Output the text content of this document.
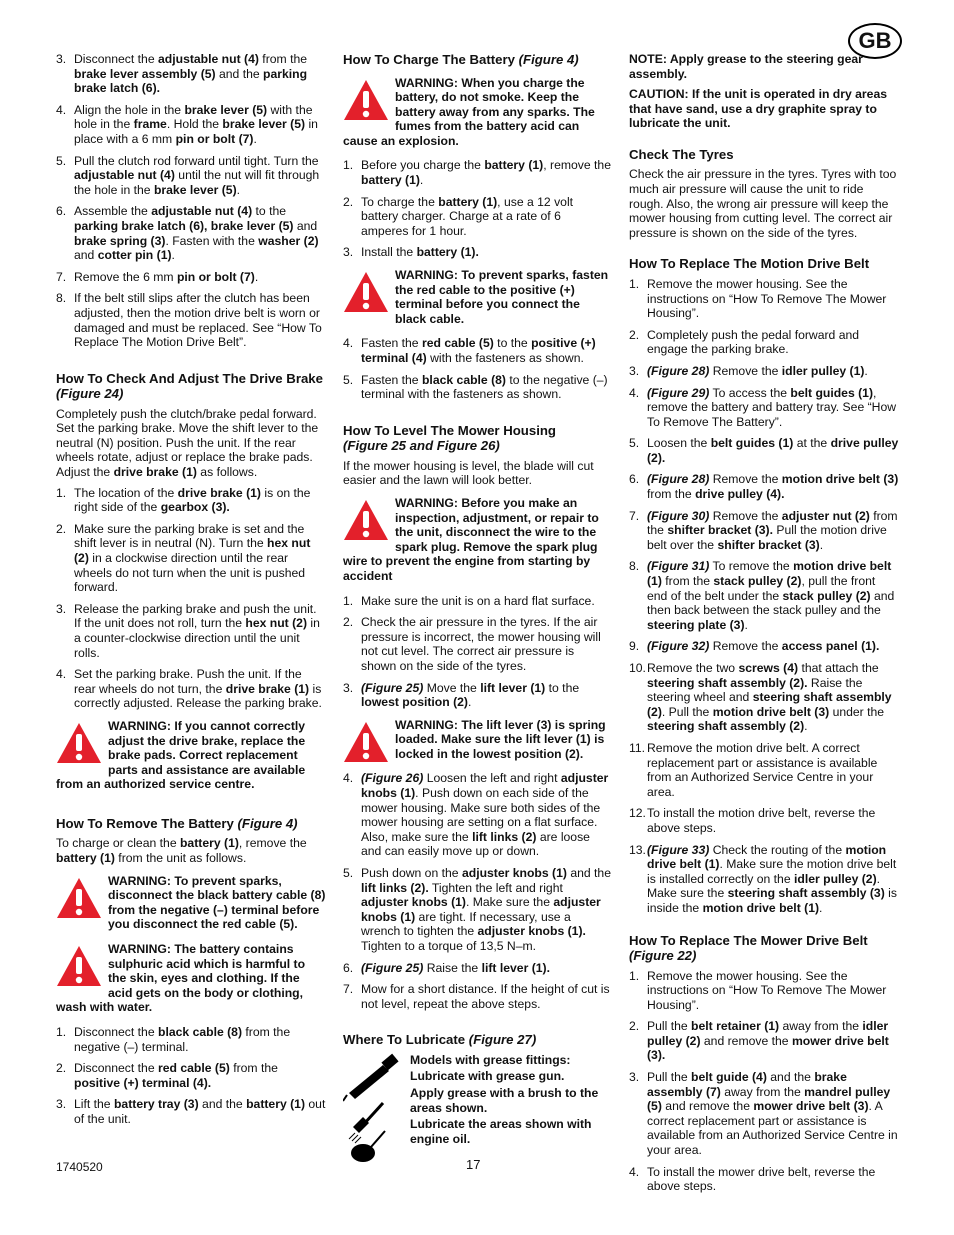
GB
3. Disconnect the adjustable nut (4) from the brake lever assembly (5) and the parking brake latch (6).
4. Align the hole in the brake lever (5) with the hole in the frame. Hold the brake lever (5) in place with a 6 mm pin or bolt (7).
5. Pull the clutch rod forward until tight. Turn the adjustable nut (4) until the nut will fit through the hole in the brake lever (5).
6. Assemble the adjustable nut (4) to the parking brake latch (6), brake lever (5) and brake spring (3). Fasten with the washer (2) and cotter pin (1).
7. Remove the 6 mm pin or bolt (7).
8. If the belt still slips after the clutch has been adjusted, then the motion drive belt is worn or damaged and must be replaced. See “How To Replace The Motion Drive Belt”.
How To Check And Adjust The Drive Brake (Figure 24)

Completely push the clutch/brake pedal forward. Set the parking brake. Move the shift lever to the neutral (N) position. Push the unit. If the rear wheels rotate, adjust or replace the brake pads. Adjust the drive brake (1) as follows.

1. The location of the drive brake (1) is on the right side of the gearbox (3).
2. Make sure the parking brake is set and the shift lever is in neutral (N). Turn the hex nut (2) in a clockwise direction until the rear wheels do not turn when the unit is pushed forward.
3. Release the parking brake and push the unit. If the unit does not roll, turn the hex nut (2) in a counter-clockwise direction until the unit rolls.
4. Set the parking brake. Push the unit. If the rear wheels do not turn, the drive brake (1) is correctly adjusted. Release the parking brake.
WARNING: If you cannot correctly adjust the drive brake, replace the brake pads. Correct replacement parts and assistance are available from an authorized service centre.
How To Remove The Battery (Figure 4)

To charge or clean the battery (1), remove the battery (1) from the unit as follows.

WARNING: To prevent sparks, disconnect the black battery cable (8) from the negative (–) terminal before you disconnect the red cable (5).
WARNING: The battery contains sulphuric acid which is harmful to the skin, eyes and clothing. If the acid gets on the body or clothing, wash with water.
1. Disconnect the black cable (8) from the negative (–) terminal.
2. Disconnect the red cable (5) from the positive (+) terminal (4).
3. Lift the battery tray (3) and the battery (1) out of the unit.
How To Charge The Battery (Figure 4)
WARNING: When you charge the battery, do not smoke. Keep the battery away from any sparks. The fumes from the battery acid can cause an explosion.
1. Before you charge the battery (1), remove the battery (1).
2. To charge the battery (1), use a 12 volt battery charger. Charge at a rate of 6 amperes for 1 hour.
3. Install the battery (1).
WARNING: To prevent sparks, fasten the red cable to the positive (+) terminal before you connect the black cable.
4. Fasten the red cable (5) to the positive (+) terminal (4) with the fasteners as shown.
5. Fasten the black cable (8) to the negative (–) terminal with the fasteners as shown.
How To Level The Mower Housing
(Figure 25 and Figure 26)

If the mower housing is level, the blade will cut easier and the lawn will look better.

WARNING: Before you make an inspection, adjustment, or repair to the unit, disconnect the wire to the spark plug. Remove the spark plug wire to prevent the engine from starting by accident
1. Make sure the unit is on a hard flat surface.
2. Check the air pressure in the tyres. If the air pressure is incorrect, the mower housing will not cut level. The correct air pressure is shown on the side of the tyres.
3. (Figure 25) Move the lift lever (1) to the lowest position (2).
WARNING: The lift lever (3) is spring loaded. Make sure the lift lever (1) is locked in the lowest position (2).
4. (Figure 26) Loosen the left and right adjuster knobs (1). Push down on each side of the mower housing. Make sure both sides of the mower housing are setting on a flat surface. Also, make sure the lift links (2) are loose and can easily move up or down.
5. Push down on the adjuster knobs (1) and the lift links (2). Tighten the left and right adjuster knobs (1). Make sure the adjuster knobs (1) are tight. If necessary, use a wrench to tighten the adjuster knobs (1). Tighten to a torque of 13,5 N–m.
6. (Figure 25) Raise the lift lever (1).
7. Mow for a short distance. If the height of cut is not level, repeat the above steps.
Where To Lubricate (Figure 27)
Models with grease fittings:
Lubricate with grease gun.
Apply grease with a brush to the areas shown.
Lubricate the areas shown with engine oil.

NOTE: Apply grease to the steering gear assembly.

CAUTION: If the unit is operated in dry areas that have sand, use a dry graphite spray to lubricate the unit.

Check The Tyres

Check the air pressure in the tyres. Tyres with too much air pressure will cause the unit to ride rough. Also, the wrong air pressure will keep the mower housing from cutting level. The correct air pressure is shown on the side of the tyres.

How To Replace The Motion Drive Belt
1. Remove the mower housing. See the instructions on “How To Remove The Mower Housing”.
2. Completely push the pedal forward and engage the parking brake.
3. (Figure 28) Remove the idler pulley (1).
4. (Figure 29) To access the belt guides (1), remove the battery and battery tray. See “How To Remove The Battery”.
5. Loosen the belt guides (1) at the drive pulley (2).
6. (Figure 28) Remove the motion drive belt (3) from the drive pulley (4).
7. (Figure 30) Remove the adjuster nut (2) from the shifter bracket (3). Pull the motion drive belt over the shifter bracket (3).
8. (Figure 31) To remove the motion drive belt (1) from the stack pulley (2), pull the front end of the belt under the stack pulley (2) and then back between the stack pulley and the steering plate (3).
9. (Figure 32) Remove the access panel (1).
10. Remove the two screws (4) that attach the steering shaft assembly (2). Raise the steering wheel and steering shaft assembly (2). Pull the motion drive belt (3) under the steering shaft assembly (2).
11. Remove the motion drive belt. A correct replacement part or assistance is available from an Authorized Service Centre in your area.
12. To install the motion drive belt, reverse the above steps.
13. (Figure 33) Check the routing of the motion drive belt (1). Make sure the motion drive belt is installed correctly on the idler pulley (2). Make sure the steering shaft assembly (3) is inside the motion drive belt (1).
How To Replace The Mower Drive Belt
(Figure 22)
1. Remove the mower housing. See the instructions on “How To Remove The Mower Housing”.
2. Pull the belt retainer (1) away from the idler pulley (2) and remove the mower drive belt (3).
3. Pull the belt guide (4) and the brake assembly (7) away from the mandrel pulley (5) and remove the mower drive belt (3). A correct replacement part or assistance is available from an Authorized Service Centre in your area.
4. To install the mower drive belt, reverse the above steps.
1740520	17
